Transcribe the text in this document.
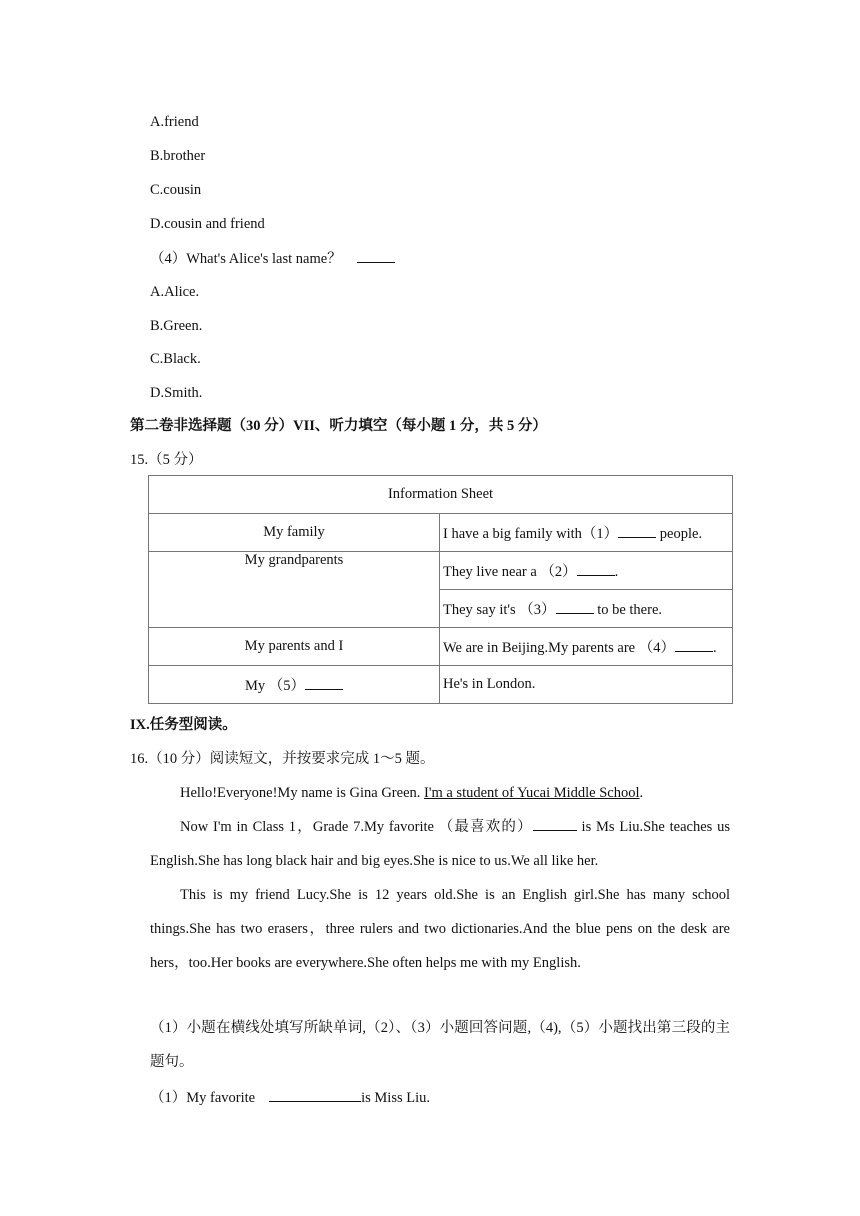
A.friend
B.brother
C.cousin
D.cousin and friend
（4）What's Alice's last name？
A.Alice.
B.Green.
C.Black.
D.Smith.
第二卷非选择题（30 分）VII、听力填空（每小题 1 分，共 5 分）
15.（5 分）
Information Sheet	
My family	I have a big family with（1） people.
My grandparents	They live near a （2） .
	They say it's （3） to be there.
My parents and I	We are in Beijing.My parents are （4） .
My （5）	He's in London.
IX.任务型阅读。
16.（10 分）阅读短文，并按要求完成 1～5 题。

Hello!Everyone!My name is Gina Green. I'm a student of Yucai Middle School.

Now I'm in Class 1，Grade 7.My favorite （最喜欢的）	is Ms Liu.She teaches us English.She has long black hair and big eyes.She is nice to us.We all like her.

This is my friend Lucy.She is 12 years old.She is an English girl.She has many school things.She has two erasers，three rulers and two dictionaries.And the blue pens on the desk are hers，too.Her books are everywhere.She often helps me with my English.

（1）小题在横线处填写所缺单词,（2）、（3）小题回答问题,（4),（5）小题找出第三段的主题句。

（1）My favorite	is Miss Liu.
